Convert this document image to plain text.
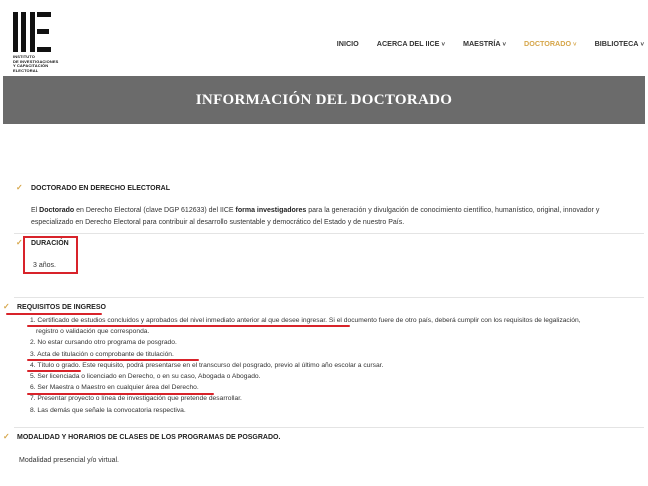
INSTITUTO
DE INVESTIGACIONES
Y CAPACITACIÓN
ELECTORAL
INICIO	ACERCA DEL IICE ˅	MAESTRÍA ˅	DOCTORADO ˅	BIBLIOTECA ˅
INFORMACIÓN DEL DOCTORADO
✓ DOCTORADO EN DERECHO ELECTORAL
El Doctorado en Derecho Electoral (clave DGP 612633) del IICE forma investigadores para la generación y divulgación de conocimiento científico, humanístico, original, innovador y especializado en Derecho Electoral para contribuir al desarrollo sustentable y democrático del Estado y de nuestro País.
✓ DURACIÓN
3 años.
✓ REQUISITOS DE INGRESO
1. Certificado de estudios concluidos y aprobados del nivel inmediato anterior al que desee ingresar. Si el documento fuere de otro país, deberá cumplir con los requisitos de legalización,
registro o validación que corresponda.
2. No estar cursando otro programa de posgrado.
3. Acta de titulación o comprobante de titulación.
4. Título o grado. Este requisito, podrá presentarse en el transcurso del posgrado, previo al último año escolar a cursar.
5. Ser licenciada o licenciado en Derecho, o en su caso, Abogada o Abogado.
6. Ser Maestra o Maestro en cualquier área del Derecho.
7. Presentar proyecto o línea de investigación que pretende desarrollar.
8. Las demás que señale la convocatoria respectiva.
✓ MODALIDAD Y HORARIOS DE CLASES DE LOS PROGRAMAS DE POSGRADO.
Modalidad presencial y/o virtual.
